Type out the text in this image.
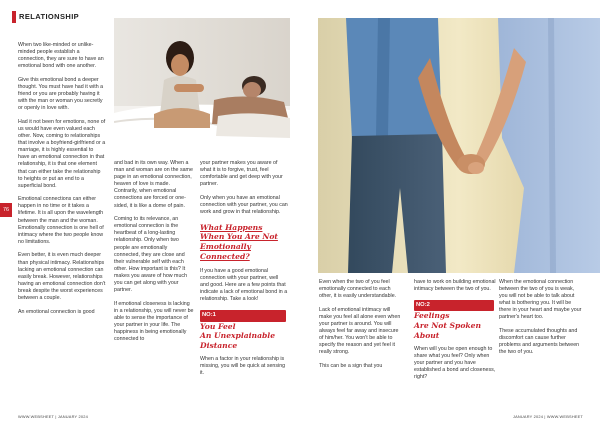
RELATIONSHIP
76

When two like-minded or unlike-minded people establish a connection, they are sure to have an emotional bond with one another.

Give this emotional bond a deeper thought. You must have had it with a friend or you are probably having it with the man or woman you secretly or openly in love with.

Had it not been for emotions, none of us would have even valued each other. Now, coming to relationships that involve a boyfriend-girlfriend or a marriage, it is highly essential to have an emotional connection in that relationship, it is that one element that can either take the relationship to heights or put an end to a superficial bond.

Emotional connections can either happen in no time or it takes a lifetime. It is all upon the wavelength between the man and the woman. Emotionally connection is one hell of intimacy where the two people know no limitations.

Even better, it is even much deeper than physical intimacy. Relationships lacking an emotional connection can easily break. However, relationships having an emotional connection don't break despite the worst experiences between a couple.

An emotional connection is good

and bad in its own way. When a man and woman are on the same page in an emotional connection, heaven of love is made. Contrarily, when emotional connections are forced or one-sided, it is like a dome of pain.

Coming to its relevance, an emotional connection is the heartbeat of a long-lasting relationship. Only when two people are emotionally connected, they are close and their vulnerable self with each other. How important is this? It makes you aware of how much you can get along with your partner.

If emotional closeness is lacking in a relationship, you will never be able to sense the importance of your partner in your life. The happiness in being emotionally connected to

your partner makes you aware of what it is to forgive, trust, feel comfortable and get deep with your partner.

Only when you have an emotional connection with your partner, you can work and grow in that relationship.

What Happens
When You Are Not
Emotionally Connected?

If you have a good emotional connection with your partner, well and good. Here are a few points that indicate a lack of emotional bond in a relationship. Take a look!

NO:1
You Feel
An Unexplainable
Distance

When a factor in your relationship is missing, you will be quick at sensing it.

WWW.WEBSHEET | JANUARY 2024

Even when the two of you feel emotionally connected to each other, it is easily understandable.

Lack of emotional intimacy will make you feel all alone even when your partner is around. You will always feel far away and insecure of him/her. You won't be able to specify the reason and yet feel it really strong.

This can be a sign that you

have to work on building emotional intimacy between the two of you.

NO:2
Feelings
Are Not Spoken
About

When will you be open enough to share what you feel? Only when your partner and you have established a bond and closeness, right?

When the emotional connection between the two of you is weak, you will not be able to talk about what is bothering you. It will be there in your heart and maybe your partner's heart too.

These accumulated thoughts and discomfort can cause further problems and arguments between the two of you.

JANUARY 2024 | WWW.WEBSHEET
